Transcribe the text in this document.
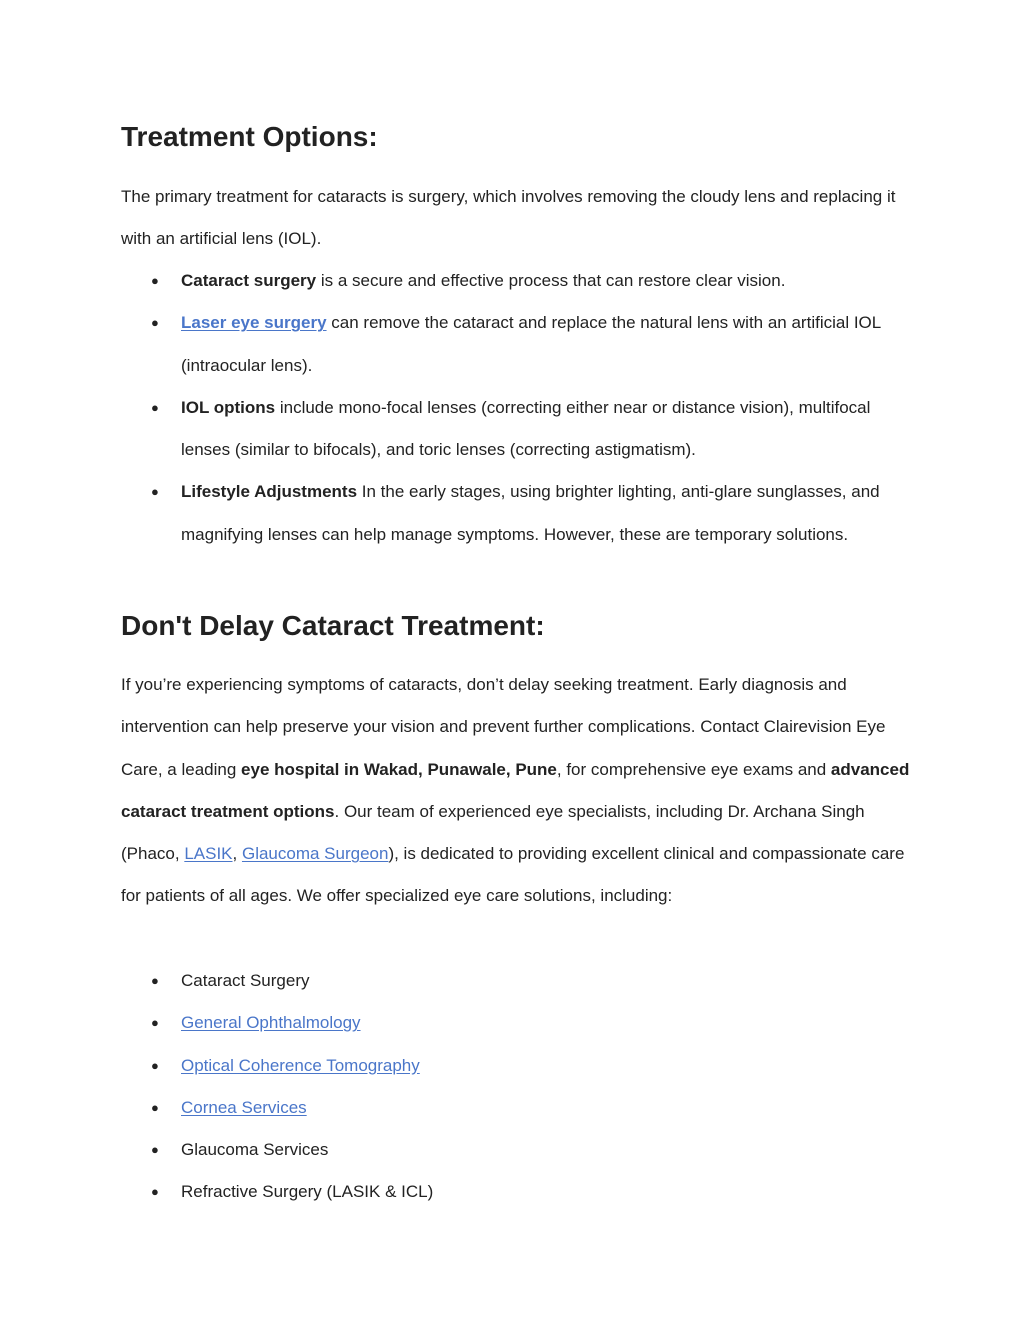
Treatment Options:

The primary treatment for cataracts is surgery, which involves removing the cloudy lens and replacing it with an artificial lens (IOL).

● Cataract surgery is a secure and effective process that can restore clear vision.
● Laser eye surgery can remove the cataract and replace the natural lens with an artificial IOL (intraocular lens).
● IOL options include mono-focal lenses (correcting either near or distance vision), multifocal lenses (similar to bifocals), and toric lenses (correcting astigmatism).
● Lifestyle Adjustments In the early stages, using brighter lighting, anti-glare sunglasses, and magnifying lenses can help manage symptoms. However, these are temporary solutions.
Don't Delay Cataract Treatment:

If you’re experiencing symptoms of cataracts, don’t delay seeking treatment. Early diagnosis and intervention can help preserve your vision and prevent further complications. Contact Clairevision Eye Care, a leading eye hospital in Wakad, Punawale, Pune, for comprehensive eye exams and advanced cataract treatment options. Our team of experienced eye specialists, including Dr. Archana Singh (Phaco, LASIK, Glaucoma Surgeon), is dedicated to providing excellent clinical and compassionate care for patients of all ages. We offer specialized eye care solutions, including:

● Cataract Surgery
● General Ophthalmology
● Optical Coherence Tomography
● Cornea Services
● Glaucoma Services
● Refractive Surgery (LASIK & ICL)
